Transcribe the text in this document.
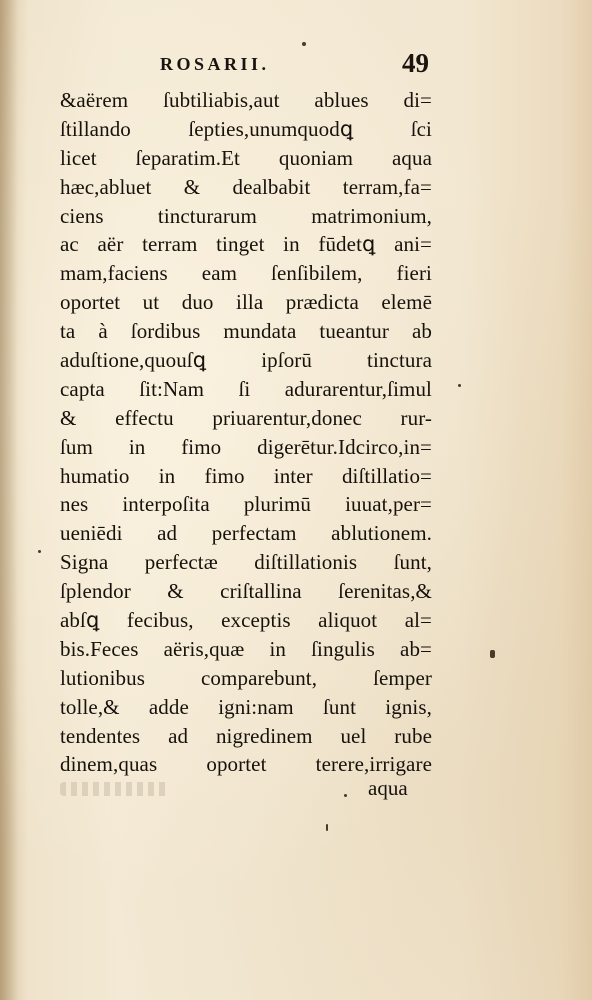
ROSARII.	49
&aërem ſubtiliabis,aut ablues di=
ſtillando ſepties,unumquodꝗ ſci
licet ſeparatim.Et quoniam aqua
hæc,abluet & dealbabit terram,fa=
ciens tincturarum matrimonium,
ac aër terram tinget in fūdetꝗ ani=
mam,faciens eam ſenſibilem, fieri
oportet ut duo illa prædicta elemē
ta à ſordibus mundata tueantur ab
aduſtione,quouſꝗ ipſorū tinctura
capta ſit:Nam ſi adurarentur,ſimul
& effectu priuarentur,donec rur-
ſum in fimo digerētur.Idcirco,in=
humatio in fimo inter diſtillatio=
nes interpoſita plurimū iuuat,per=
ueniēdi ad perfectam ablutionem.
Signa perfectæ diſtillationis ſunt,
ſplendor & criſtallina ſerenitas,&
abſꝗ fecibus, exceptis aliquot al=
bis.Feces aëris,quæ in ſingulis ab=
lutionibus comparebunt, ſemper
tolle,& adde igni:nam ſunt ignis,
tendentes ad nigredinem uel rube
dinem,quas oportet terere,irrigare
aqua
